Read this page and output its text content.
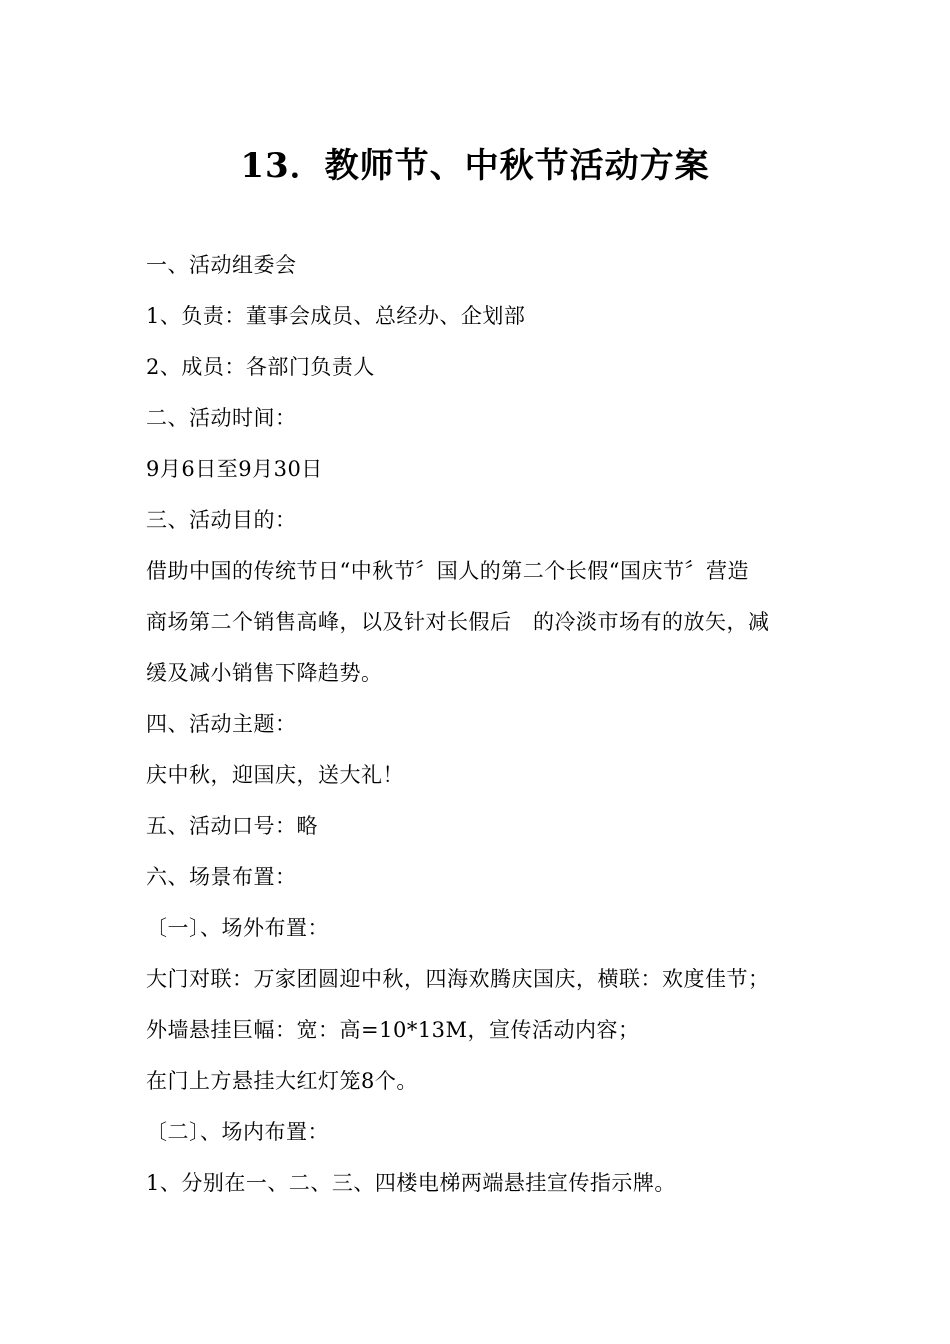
13．教师节、中秋节活动方案

一、活动组委会

1、负责：董事会成员、总经办、企划部

2、成员：各部门负责人

二、活动时间：

9月6日至9月30日

三、活动目的：

借助中国的传统节日“中秋节〞国人的第二个长假“国庆节〞营造

商场第二个销售高峰，以及针对长假后　的冷淡市场有的放矢，减

缓及减小销售下降趋势。

四、活动主题：

庆中秋，迎国庆，送大礼！

五、活动口号：略

六、场景布置：

〔一〕、场外布置：

大门对联：万家团圆迎中秋，四海欢腾庆国庆，横联：欢度佳节；

外墙悬挂巨幅：宽：高=10*13M，宣传活动内容；

在门上方悬挂大红灯笼8个。

〔二〕、场内布置：

1、分别在一、二、三、四楼电梯两端悬挂宣传指示牌。
